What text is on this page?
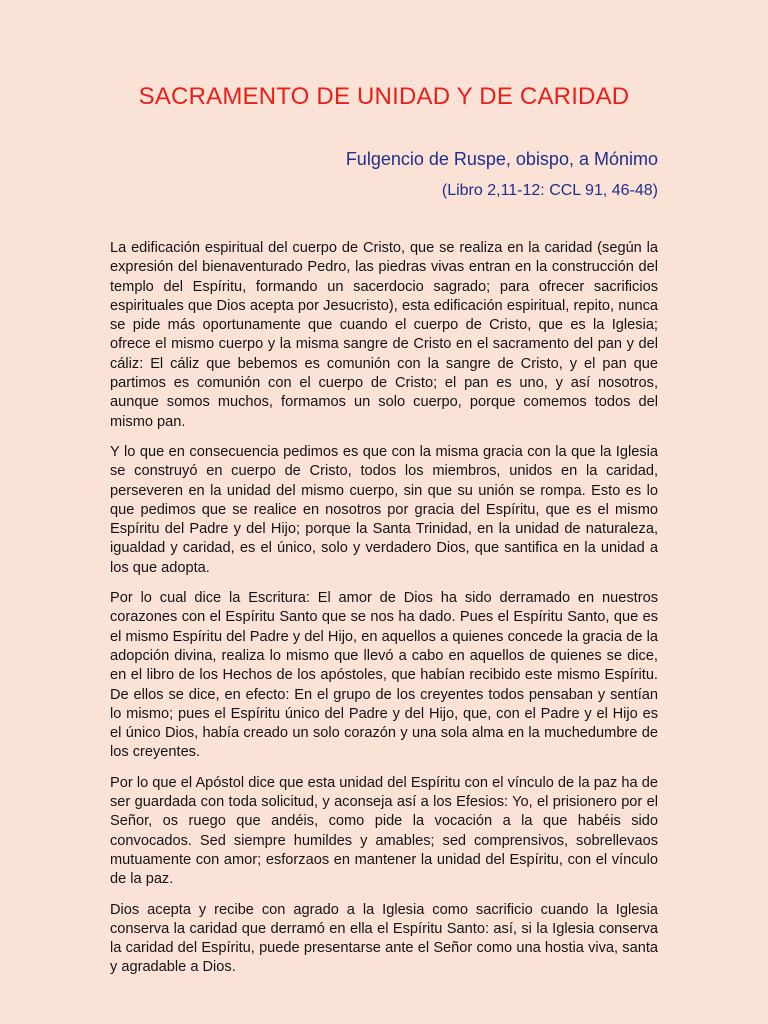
SACRAMENTO DE UNIDAD Y DE CARIDAD

Fulgencio de Ruspe, obispo, a Mónimo

(Libro 2,11-12: CCL 91, 46-48)

La edificación espiritual del cuerpo de Cristo, que se realiza en la caridad (según la expresión del bienaventurado Pedro, las piedras vivas entran en la construcción del templo del Espíritu, formando un sacerdocio sagrado; para ofrecer sacrificios espirituales que Dios acepta por Jesucristo), esta edificación espiritual, repito, nunca se pide más oportunamente que cuando el cuerpo de Cristo, que es la Iglesia; ofrece el mismo cuerpo y la misma sangre de Cristo en el sacramento del pan y del cáliz: El cáliz que bebemos es comunión con la sangre de Cristo, y el pan que partimos es comunión con el cuerpo de Cristo; el pan es uno, y así nosotros, aunque somos muchos, formamos un solo cuerpo, porque comemos todos del mismo pan.

Y lo que en consecuencia pedimos es que con la misma gracia con la que la Iglesia se construyó en cuerpo de Cristo, todos los miembros, unidos en la caridad, perseveren en la unidad del mismo cuerpo, sin que su unión se rompa. Esto es lo que pedimos que se realice en nosotros por gracia del Espíritu, que es el mismo Espíritu del Padre y del Hijo; porque la Santa Trinidad, en la unidad de naturaleza, igualdad y caridad, es el único, solo y verdadero Dios, que santifica en la unidad a los que adopta.

Por lo cual dice la Escritura: El amor de Dios ha sido derramado en nuestros corazones con el Espíritu Santo que se nos ha dado. Pues el Espíritu Santo, que es el mismo Espíritu del Padre y del Hijo, en aquellos a quienes concede la gracia de la adopción divina, realiza lo mismo que llevó a cabo en aquellos de quienes se dice, en el libro de los Hechos de los apóstoles, que habían recibido este mismo Espíritu. De ellos se dice, en efecto: En el grupo de los creyentes todos pensaban y sentían lo mismo; pues el Espíritu único del Padre y del Hijo, que, con el Padre y el Hijo es el único Dios, había creado un solo corazón y una sola alma en la muchedumbre de los creyentes.

Por lo que el Apóstol dice que esta unidad del Espíritu con el vínculo de la paz ha de ser guardada con toda solicitud, y aconseja así a los Efesios: Yo, el prisionero por el Señor, os ruego que andéis, como pide la vocación a la que habéis sido convocados. Sed siempre humildes y amables; sed comprensivos, sobrellevaos mutuamente con amor; esforzaos en mantener la unidad del Espíritu, con el vínculo de la paz.

Dios acepta y recibe con agrado a la Iglesia como sacrificio cuando la Iglesia conserva la caridad que derramó en ella el Espíritu Santo: así, si la Iglesia conserva la caridad del Espíritu, puede presentarse ante el Señor como una hostia viva, santa y agradable a Dios.
